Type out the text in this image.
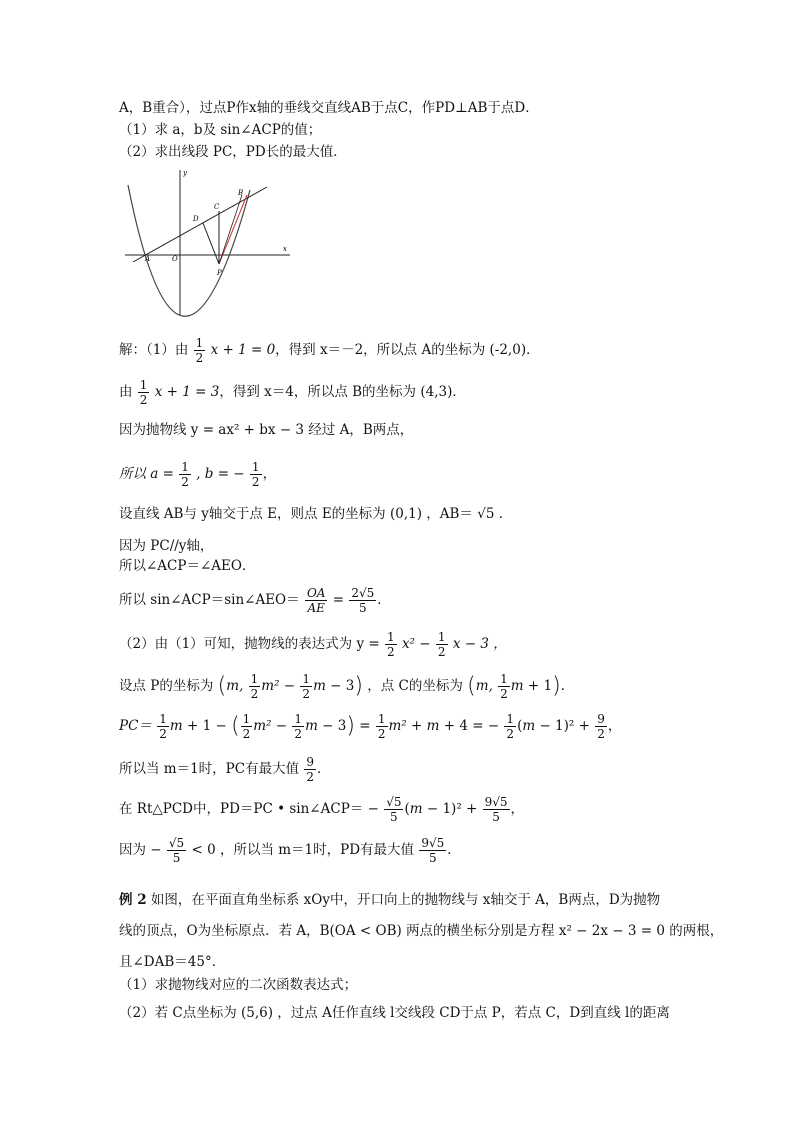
A，B重合），过点P作x轴的垂线交直线AB于点C，作PD⊥AB于点D．
（1）求 a，b及 sin∠ACP的值；
（2）求出线段 PC，PD长的最大值．
y
x
A	O
P
D
C
B
解：（1）由 $\frac{1}{2}$ x + 1 = 0，得到 x＝－2，所以点 A的坐标为 (-2,0)．
由 $\frac{1}{2}$ x + 1 = 3，得到 x＝4，所以点 B的坐标为 (4,3)．
因为抛物线 y = ax² + bx − 3 经过 A，B两点，
所以 $a = \frac{1}{2}$ , b = − $\frac{1}{2}$ ，
设直线 AB与 y轴交于点 E，则点 E的坐标为 (0,1) ，AB＝ √5 ．
因为 PC//y轴，
所以∠ACP＝∠AEO．
所以 sin∠ACP＝sin∠AEO＝ $\frac{OA}{AE} = \frac{2√5}{5}$ ．
（2）由（1）可知，抛物线的表达式为 $y = \frac{1}{2} x^2 - \frac{1}{2}$ x − 3 ，
设点 P的坐标为 (m, $\frac{1}{2} m^2 - \frac{1}{2}$ m − 3) ，点 C的坐标为 (m, $\frac{1}{2}$ m + 1)．
$PC= \frac{1}{2}$ m + 1 − ( $\frac{1}{2} m^2 - \frac{1}{2}$ $m - 3) = \frac{1}{2} m^2 + m + 4$ = − $\frac{1}{2} (m - 1)^2 + \frac{9}{2}$ ，
所以当 m＝1时，PC有最大值 $\frac{9}{2}$ ．
在 Rt△PCD中，PD＝PC • sin∠ACP＝ − $\frac{√5}{5} (m - 1)^2 + \frac{9√5}{5}$ ，
因为 − $\frac{√5}{5} < 0$ ，所以当 m＝1时，PD有最大值 $\frac{9√5}{5}$ ．
例 2 如图，在平面直角坐标系 xOy中，开口向上的抛物线与 x轴交于 A，B两点，D为抛物
线的顶点，O为坐标原点．若 A，B(OA < OB) 两点的横坐标分别是方程 x² − 2x − 3 = 0 的两根，
且∠DAB＝45°．
（1）求抛物线对应的二次函数表达式；
（2）若 C点坐标为 (5,6) ，过点 A任作直线 l交线段 CD于点 P，若点 C，D到直线 l的距离
